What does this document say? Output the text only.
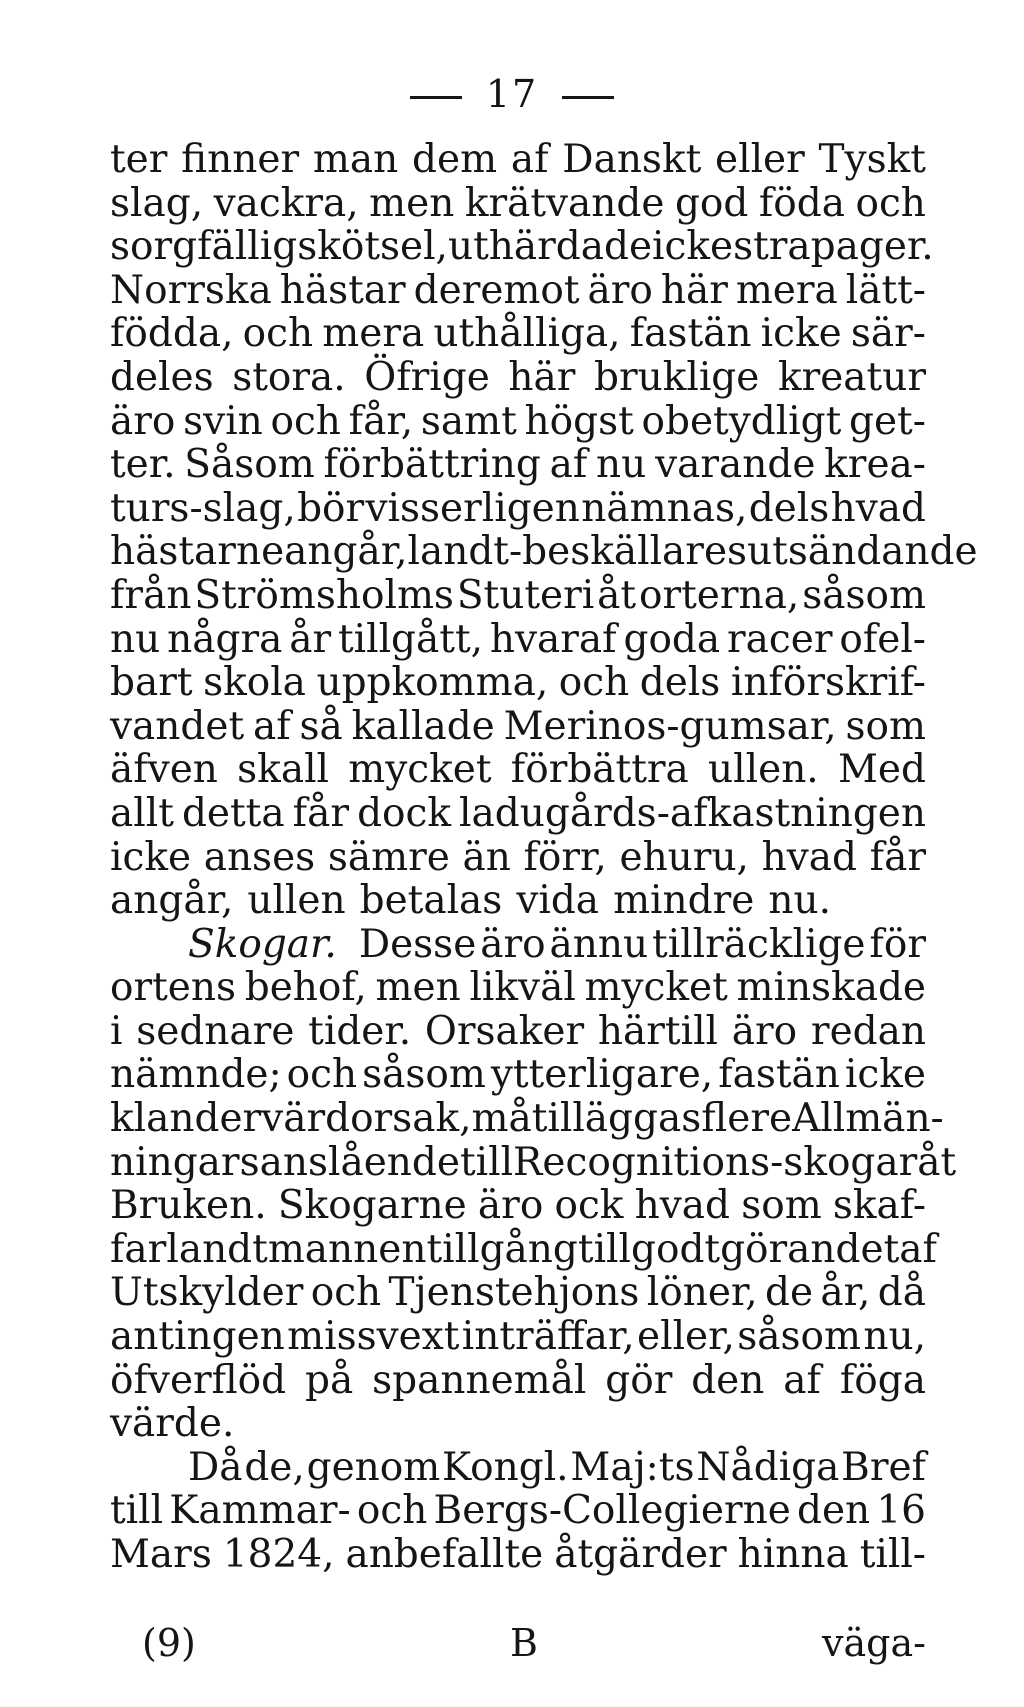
17
ter finner man dem af Danskt eller Tyskt
slag, vackra, men krätvande god föda och
sorgfällig skötsel, uthärda de icke strapager.
Norrska hästar deremot äro här mera lätt-
födda, och mera uthålliga, fastän icke sär-
deles stora. Öfrige här bruklige kreatur
äro svin och får, samt högst obetydligt get-
ter. Såsom förbättring af nu varande krea-
turs-slag, bör visserligen nämnas, dels hvad
hästarne angår, landt-beskällares utsändande
från Strömsholms Stuteri åt orterna, såsom
nu några år tillgått, hvaraf goda racer ofel-
bart skola uppkomma, och dels införskrif-
vandet af så kallade Merinos-gumsar, som
äfven skall mycket förbättra ullen. Med
allt detta får dock ladugårds-afkastningen
icke anses sämre än förr, ehuru, hvad får
angår, ullen betalas vida mindre nu.
Skogar. Desse äro ännu tillräcklige för
ortens behof, men likväl mycket minskade
i sednare tider. Orsaker härtill äro redan
nämnde; och såsom ytterligare, fastän icke
klandervärd orsak, må tilläggas flere Allmän-
ningars anslående till Recognitions-skogar åt
Bruken. Skogarne äro ock hvad som skaf-
far landtmannen tillgång till godtgörandet af
Utskylder och Tjenstehjons löner, de år, då
antingen missvext inträffar, eller, såsom nu,
öfverflöd på spannemål gör den af föga
värde.
Då de, genom Kongl. Maj:ts Nådiga Bref
till Kammar- och Bergs-Collegierne den 16
Mars 1824, anbefallte åtgärder hinna till-
(9)	B	väga-
